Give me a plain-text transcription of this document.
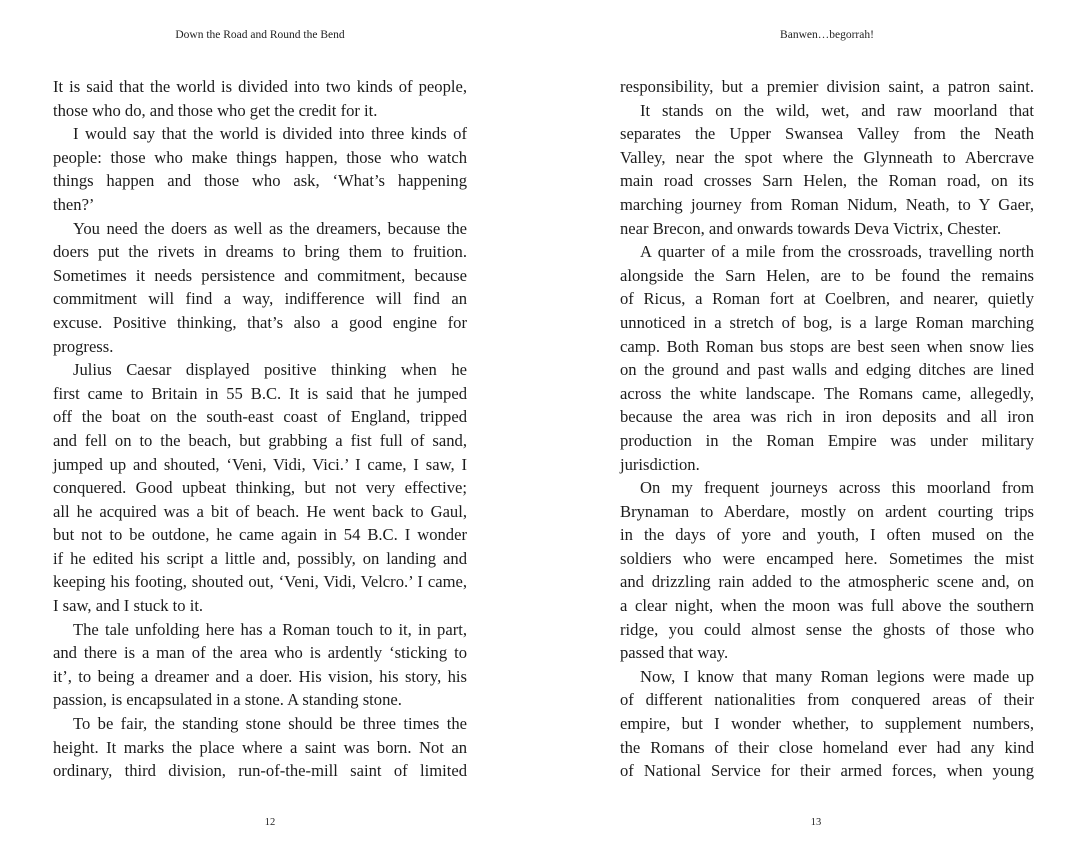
Down the Road and Round the Bend
It is said that the world is divided into two kinds of people,
those who do, and those who get the credit for it.
I would say that the world is divided into three kinds of
people: those who make things happen, those who watch
things happen and those who ask, ‘What’s happening
then?’
You need the doers as well as the dreamers, because the
doers put the rivets in dreams to bring them to fruition.
Sometimes it needs persistence and commitment, because
commitment will find a way, indifference will find an
excuse. Positive thinking, that’s also a good engine for
progress.
Julius Caesar displayed positive thinking when he
first came to Britain in 55 B.C. It is said that he jumped
off the boat on the south-east coast of England, tripped
and fell on to the beach, but grabbing a fist full of sand,
jumped up and shouted, ‘Veni, Vidi, Vici.’ I came, I saw, I
conquered. Good upbeat thinking, but not very effective;
all he acquired was a bit of beach. He went back to Gaul,
but not to be outdone, he came again in 54 B.C. I wonder
if he edited his script a little and, possibly, on landing and
keeping his footing, shouted out, ‘Veni, Vidi, Velcro.’ I came,
I saw, and I stuck to it.
The tale unfolding here has a Roman touch to it, in part,
and there is a man of the area who is ardently ‘sticking to
it’, to being a dreamer and a doer. His vision, his story, his
passion, is encapsulated in a stone. A standing stone.
To be fair, the standing stone should be three times the
height. It marks the place where a saint was born. Not an
ordinary, third division, run-of-the-mill saint of limited
12
Banwen…begorrah!
responsibility, but a premier division saint, a patron saint.
It stands on the wild, wet, and raw moorland that
separates the Upper Swansea Valley from the Neath
Valley, near the spot where the Glynneath to Abercrave
main road crosses Sarn Helen, the Roman road, on its
marching journey from Roman Nidum, Neath, to Y Gaer,
near Brecon, and onwards towards Deva Victrix, Chester.
A quarter of a mile from the crossroads, travelling north
alongside the Sarn Helen, are to be found the remains
of Ricus, a Roman fort at Coelbren, and nearer, quietly
unnoticed in a stretch of bog, is a large Roman marching
camp. Both Roman bus stops are best seen when snow lies
on the ground and past walls and edging ditches are lined
across the white landscape. The Romans came, allegedly,
because the area was rich in iron deposits and all iron
production in the Roman Empire was under military
jurisdiction.
On my frequent journeys across this moorland from
Brynaman to Aberdare, mostly on ardent courting trips
in the days of yore and youth, I often mused on the
soldiers who were encamped here. Sometimes the mist
and drizzling rain added to the atmospheric scene and, on
a clear night, when the moon was full above the southern
ridge, you could almost sense the ghosts of those who
passed that way.
Now, I know that many Roman legions were made up
of different nationalities from conquered areas of their
empire, but I wonder whether, to supplement numbers,
the Romans of their close homeland ever had any kind
of National Service for their armed forces, when young
13
